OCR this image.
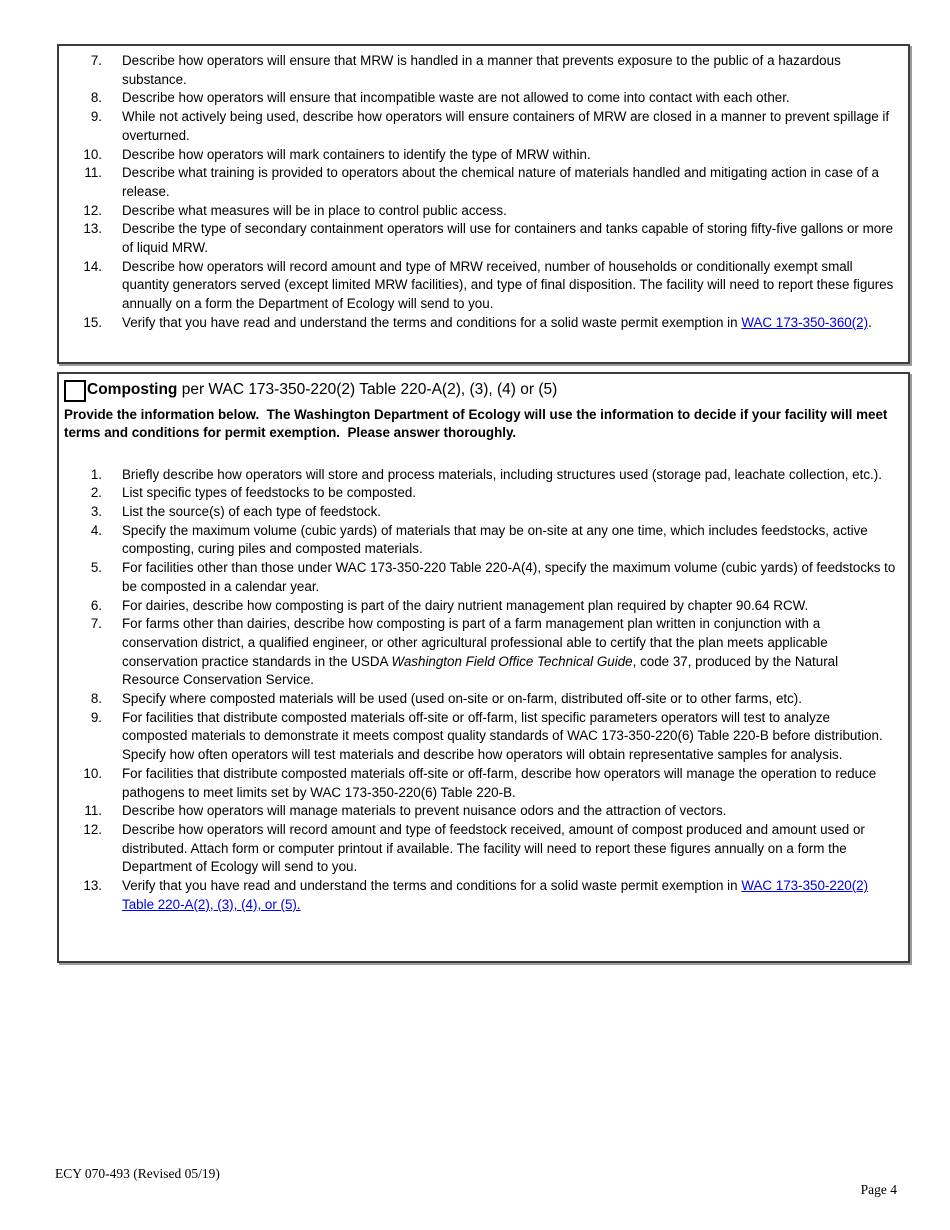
7.	Describe how operators will ensure that MRW is handled in a manner that prevents exposure to the public of a hazardous substance.
8.	Describe how operators will ensure that incompatible waste are not allowed to come into contact with each other.
9.	While not actively being used, describe how operators will ensure containers of MRW are closed in a manner to prevent spillage if overturned.
10.	Describe how operators will mark containers to identify the type of MRW within.
11.	Describe what training is provided to operators about the chemical nature of materials handled and mitigating action in case of a release.
12.	Describe what measures will be in place to control public access.
13.	Describe the type of secondary containment operators will use for containers and tanks capable of storing fifty-five gallons or more of liquid MRW.
14.	Describe how operators will record amount and type of MRW received, number of households or conditionally exempt small quantity generators served (except limited MRW facilities), and type of final disposition. The facility will need to report these figures annually on a form the Department of Ecology will send to you.
15.	Verify that you have read and understand the terms and conditions for a solid waste permit exemption in WAC 173-350-360(2).
Composting per WAC 173-350-220(2) Table 220-A(2), (3), (4) or (5)

Provide the information below.  The Washington Department of Ecology will use the information to decide if your facility will meet terms and conditions for permit exemption.  Please answer thoroughly.

1.	Briefly describe how operators will store and process materials, including structures used (storage pad, leachate collection, etc.).
2.	List specific types of feedstocks to be composted.
3.	List the source(s) of each type of feedstock.
4.	Specify the maximum volume (cubic yards) of materials that may be on-site at any one time, which includes feedstocks, active composting, curing piles and composted materials.
5.	For facilities other than those under WAC 173-350-220 Table 220-A(4), specify the maximum volume (cubic yards) of feedstocks to be composted in a calendar year.
6.	For dairies, describe how composting is part of the dairy nutrient management plan required by chapter 90.64 RCW.
7.	For farms other than dairies, describe how composting is part of a farm management plan written in conjunction with a conservation district, a qualified engineer, or other agricultural professional able to certify that the plan meets applicable conservation practice standards in the USDA Washington Field Office Technical Guide, code 37, produced by the Natural Resource Conservation Service.
8.	Specify where composted materials will be used (used on-site or on-farm, distributed off-site or to other farms, etc).
9.	For facilities that distribute composted materials off-site or off-farm, list specific parameters operators will test to analyze composted materials to demonstrate it meets compost quality standards of WAC 173-350-220(6) Table 220-B before distribution. Specify how often operators will test materials and describe how operators will obtain representative samples for analysis.
10.	For facilities that distribute composted materials off-site or off-farm, describe how operators will manage the operation to reduce pathogens to meet limits set by WAC 173-350-220(6) Table 220-B.
11.	Describe how operators will manage materials to prevent nuisance odors and the attraction of vectors.
12.	Describe how operators will record amount and type of feedstock received, amount of compost produced and amount used or distributed. Attach form or computer printout if available. The facility will need to report these figures annually on a form the Department of Ecology will send to you.
13.	Verify that you have read and understand the terms and conditions for a solid waste permit exemption in WAC 173-350-220(2) Table 220-A(2), (3), (4), or (5).
ECY 070-493 (Revised 05/19)
Page 4
